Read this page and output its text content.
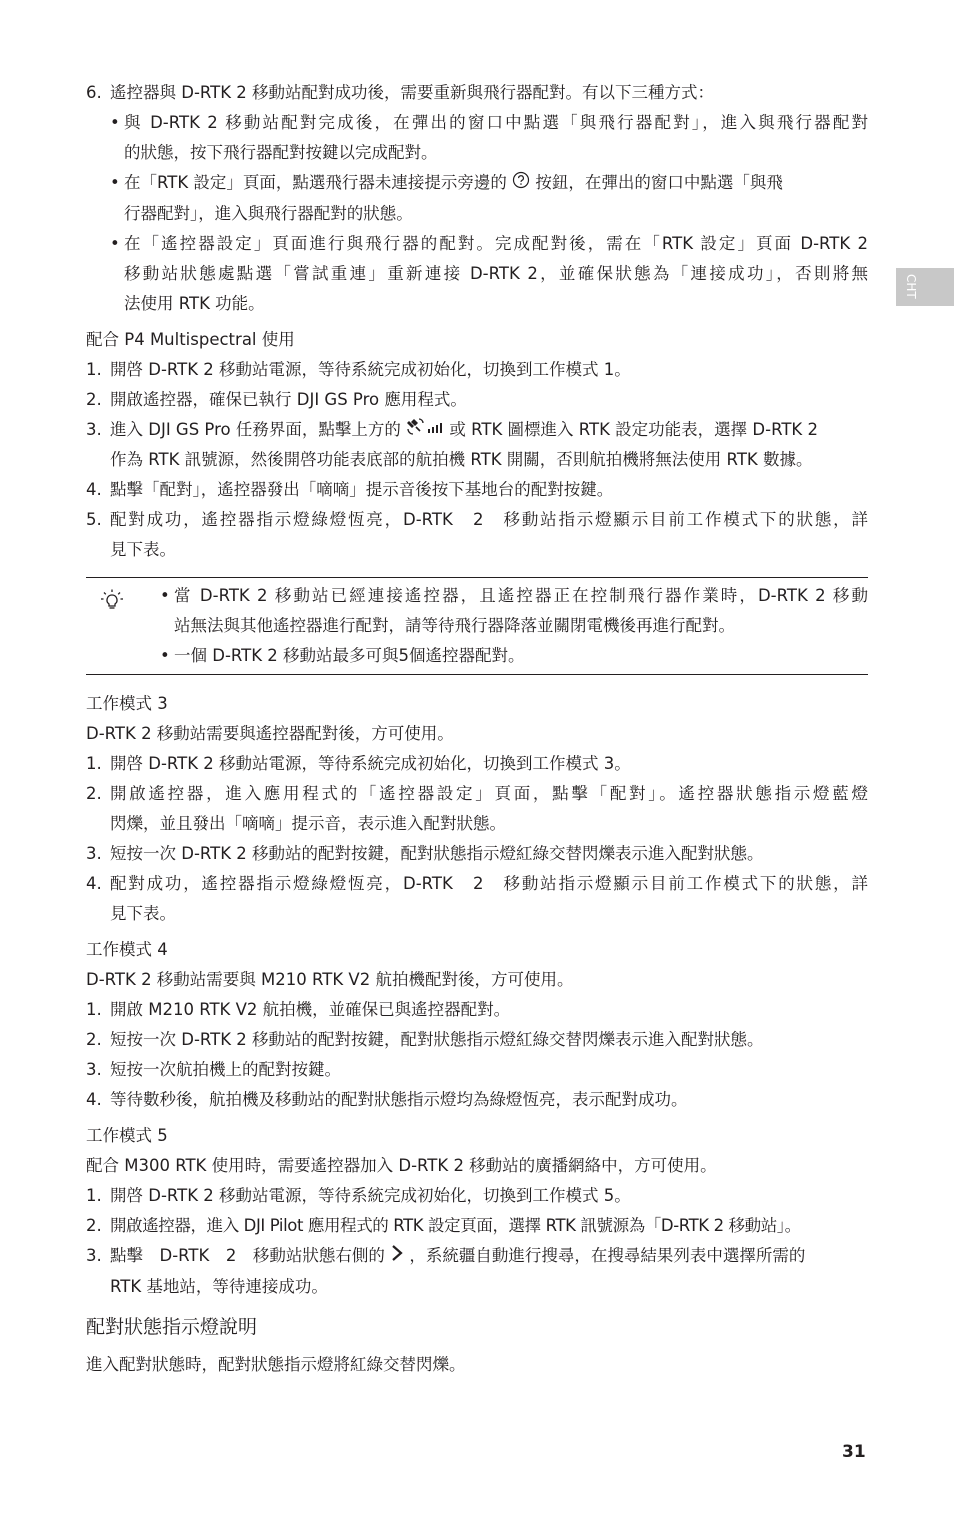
CHT
6. 遙控器與 D-RTK 2 移動站配對成功後，需要重新與飛行器配對。有以下三種方式：
• 與 D-RTK 2 移動站配對完成後，在彈出的窗口中點選「與飛行器配對」，進入與飛行器配對
的狀態，按下飛行器配對按鍵以完成配對。
• 在「RTK 設定」頁面，點選飛行器未連接提示旁邊的 按鈕，在彈出的窗口中點選「與飛
行器配對」，進入與飛行器配對的狀態。
• 在「遙控器設定」頁面進行與飛行器的配對。完成配對後，需在「RTK 設定」頁面 D-RTK 2
移動站狀態處點選「嘗試重連」重新連接 D-RTK 2，並確保狀態為「連接成功」，否則將無
法使用 RTK 功能。
配合 P4 Multispectral 使用
1. 開啓 D-RTK 2 移動站電源，等待系統完成初始化，切換到工作模式 1。
2. 開啟遙控器，確保已執行 DJI GS Pro 應用程式。
3. 進入 DJI GS Pro 任務界面，點擊上方的	或 RTK 圖標進入 RTK 設定功能表，選擇 D-RTK 2
作為 RTK 訊號源，然後開啓功能表底部的航拍機 RTK 開關，否則航拍機將無法使用 RTK 數據。
4. 點擊「配對」，遙控器發出「嘀嘀」提示音後按下基地台的配對按鍵。
5. 配對成功，遙控器指示燈綠燈恆亮，D-RTK　2　移動站指示燈顯示目前工作模式下的狀態，詳
見下表。
• 當 D-RTK 2 移動站已經連接遙控器，且遙控器正在控制飛行器作業時，D-RTK 2 移動
站無法與其他遙控器進行配對，請等待飛行器降落並關閉電機後再進行配對。
• 一個 D-RTK 2 移動站最多可與5個遙控器配對。
工作模式 3
D-RTK 2 移動站需要與遙控器配對後，方可使用。
1. 開啓 D-RTK 2 移動站電源，等待系統完成初始化，切換到工作模式 3。
2. 開啟遙控器，進入應用程式的「遙控器設定」頁面，點擊「配對」。遙控器狀態指示燈藍燈
閃爍，並且發出「嘀嘀」提示音，表示進入配對狀態。
3. 短按一次 D-RTK 2 移動站的配對按鍵，配對狀態指示燈紅綠交替閃爍表示進入配對狀態。
4. 配對成功，遙控器指示燈綠燈恆亮，D-RTK　2　移動站指示燈顯示目前工作模式下的狀態，詳
見下表。
工作模式 4
D-RTK 2 移動站需要與 M210 RTK V2 航拍機配對後，方可使用。
1. 開啟 M210 RTK V2 航拍機，並確保已與遙控器配對。
2. 短按一次 D-RTK 2 移動站的配對按鍵，配對狀態指示燈紅綠交替閃爍表示進入配對狀態。
3. 短按一次航拍機上的配對按鍵。
4. 等待數秒後，航拍機及移動站的配對狀態指示燈均為綠燈恆亮，表示配對成功。
工作模式 5
配合 M300 RTK 使用時，需要遙控器加入 D-RTK 2 移動站的廣播網絡中，方可使用。
1. 開啓 D-RTK 2 移動站電源，等待系統完成初始化，切換到工作模式 5。
2. 開啟遙控器，進入 DJI Pilot 應用程式的 RTK 設定頁面，選擇 RTK 訊號源為「D-RTK 2 移動站」。
3. 點擊　D-RTK　2　移動站狀態右側的 ，系統疆自動進行搜尋，在搜尋結果列表中選擇所需的
RTK 基地站，等待連接成功。
配對狀態指示燈說明
進入配對狀態時，配對狀態指示燈將紅綠交替閃爍。
31
